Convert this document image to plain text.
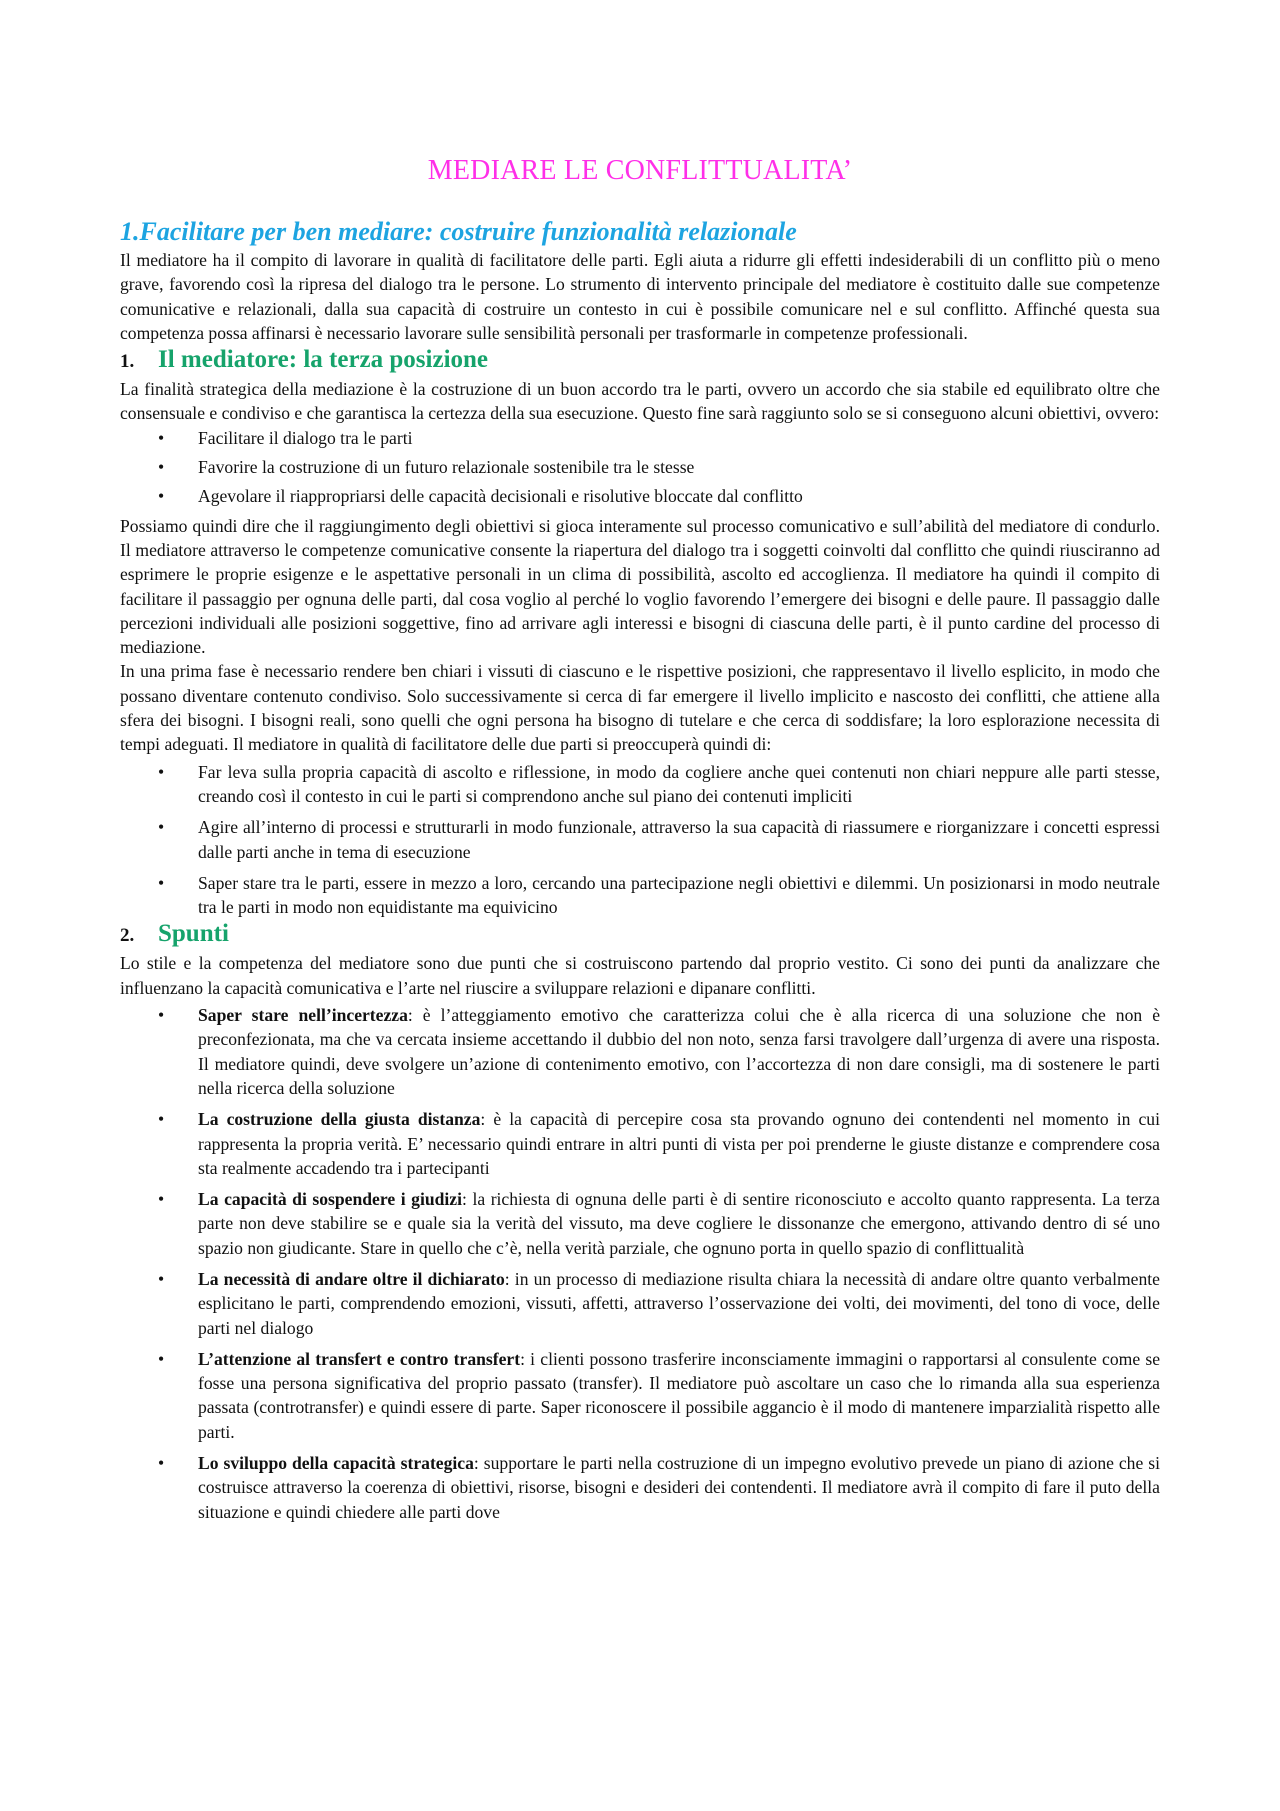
MEDIARE LE CONFLITTUALITA’
1.Facilitare per ben mediare: costruire funzionalità relazionale

Il mediatore ha il compito di lavorare in qualità di facilitatore delle parti. Egli aiuta a ridurre gli effetti indesiderabili di un conflitto più o meno grave, favorendo così la ripresa del dialogo tra le persone. Lo strumento di intervento principale del mediatore è costituito dalle sue competenze comunicative e relazionali, dalla sua capacità di costruire un contesto in cui è possibile comunicare nel e sul conflitto. Affinché questa sua competenza possa affinarsi è necessario lavorare sulle sensibilità personali per trasformarle in competenze professionali.

1. Il mediatore: la terza posizione

La finalità strategica della mediazione è la costruzione di un buon accordo tra le parti, ovvero un accordo che sia stabile ed equilibrato oltre che consensuale e condiviso e che garantisca la certezza della sua esecuzione. Questo fine sarà raggiunto solo se si conseguono alcuni obiettivi, ovvero:

• Facilitare il dialogo tra le parti
• Favorire la costruzione di un futuro relazionale sostenibile tra le stesse
• Agevolare il riappropriarsi delle capacità decisionali e risolutive bloccate dal conflitto

Possiamo quindi dire che il raggiungimento degli obiettivi si gioca interamente sul processo comunicativo e sull’abilità del mediatore di condurlo. Il mediatore attraverso le competenze comunicative consente la riapertura del dialogo tra i soggetti coinvolti dal conflitto che quindi riusciranno ad esprimere le proprie esigenze e le aspettative personali in un clima di possibilità, ascolto ed accoglienza. Il mediatore ha quindi il compito di facilitare il passaggio per ognuna delle parti, dal cosa voglio al perché lo voglio favorendo l’emergere dei bisogni e delle paure. Il passaggio dalle percezioni individuali alle posizioni soggettive, fino ad arrivare agli interessi e bisogni di ciascuna delle parti, è il punto cardine del processo di mediazione.

In una prima fase è necessario rendere ben chiari i vissuti di ciascuno e le rispettive posizioni, che rappresentavo il livello esplicito, in modo che possano diventare contenuto condiviso. Solo successivamente si cerca di far emergere il livello implicito e nascosto dei conflitti, che attiene alla sfera dei bisogni. I bisogni reali, sono quelli che ogni persona ha bisogno di tutelare e che cerca di soddisfare; la loro esplorazione necessita di tempi adeguati. Il mediatore in qualità di facilitatore delle due parti si preoccuperà quindi di:

• Far leva sulla propria capacità di ascolto e riflessione, in modo da cogliere anche quei contenuti non chiari neppure alle parti stesse, creando così il contesto in cui le parti si comprendono anche sul piano dei contenuti impliciti
• Agire all’interno di processi e strutturarli in modo funzionale, attraverso la sua capacità di riassumere e riorganizzare i concetti espressi dalle parti anche in tema di esecuzione
• Saper stare tra le parti, essere in mezzo a loro, cercando una partecipazione negli obiettivi e dilemmi. Un posizionarsi in modo neutrale tra le parti in modo non equidistante ma equivicino
2. Spunti

Lo stile e la competenza del mediatore sono due punti che si costruiscono partendo dal proprio vestito. Ci sono dei punti da analizzare che influenzano la capacità comunicativa e l’arte nel riuscire a sviluppare relazioni e dipanare conflitti.

• Saper stare nell’incertezza: è l’atteggiamento emotivo che caratterizza colui che è alla ricerca di una soluzione che non è preconfezionata, ma che va cercata insieme accettando il dubbio del non noto, senza farsi travolgere dall’urgenza di avere una risposta. Il mediatore quindi, deve svolgere un’azione di contenimento emotivo, con l’accortezza di non dare consigli, ma di sostenere le parti nella ricerca della soluzione
• La costruzione della giusta distanza: è la capacità di percepire cosa sta provando ognuno dei contendenti nel momento in cui rappresenta la propria verità. E’ necessario quindi entrare in altri punti di vista per poi prenderne le giuste distanze e comprendere cosa sta realmente accadendo tra i partecipanti
• La capacità di sospendere i giudizi: la richiesta di ognuna delle parti è di sentire riconosciuto e accolto quanto rappresenta. La terza parte non deve stabilire se e quale sia la verità del vissuto, ma deve cogliere le dissonanze che emergono, attivando dentro di sé uno spazio non giudicante. Stare in quello che c’è, nella verità parziale, che ognuno porta in quello spazio di conflittualità
• La necessità di andare oltre il dichiarato: in un processo di mediazione risulta chiara la necessità di andare oltre quanto verbalmente esplicitano le parti, comprendendo emozioni, vissuti, affetti, attraverso l’osservazione dei volti, dei movimenti, del tono di voce, delle parti nel dialogo
• L’attenzione al transfert e contro transfert: i clienti possono trasferire inconsciamente immagini o rapportarsi al consulente come se fosse una persona significativa del proprio passato (transfer). Il mediatore può ascoltare un caso che lo rimanda alla sua esperienza passata (controtransfer) e quindi essere di parte. Saper riconoscere il possibile aggancio è il modo di mantenere imparzialità rispetto alle parti.
• Lo sviluppo della capacità strategica: supportare le parti nella costruzione di un impegno evolutivo prevede un piano di azione che si costruisce attraverso la coerenza di obiettivi, risorse, bisogni e desideri dei contendenti. Il mediatore avrà il compito di fare il puto della situazione e quindi chiedere alle parti dove
